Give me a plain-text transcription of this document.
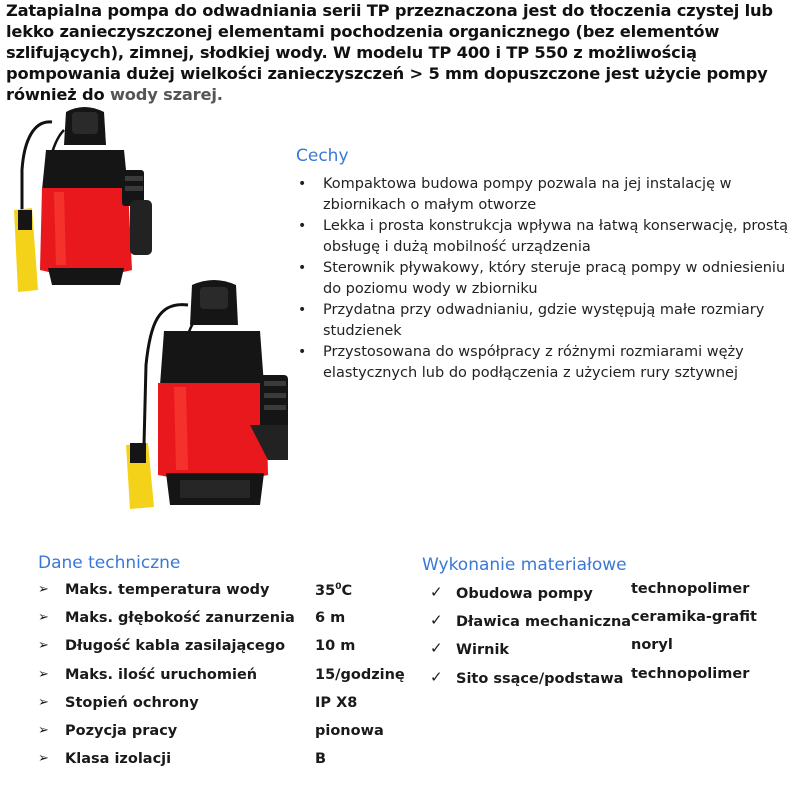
Zatapialna pompa do odwadniania serii TP przeznaczona jest do tłoczenia czystej lub lekko zanieczyszczonej elementami pochodzenia organicznego (bez elementów szlifujących), zimnej, słodkiej wody. W modelu TP 400 i TP 550 z możliwością pompowania dużej wielkości zanieczyszczeń > 5 mm dopuszczone jest użycie pompy również do wody szarej.
Cechy
• Kompaktowa budowa pompy pozwala na jej instalację w zbiornikach o małym otworze
• Lekka i prosta konstrukcja wpływa na łatwą konserwację, prostą obsługę i dużą mobilność urządzenia
• Sterownik pływakowy, który steruje pracą pompy w odniesieniu do poziomu wody w zbiorniku
• Przydatna przy odwadnianiu, gdzie występują małe rozmiary studzienek
• Przystosowana do współpracy z różnymi rozmiarami węży elastycznych lub do podłączenia z użyciem rury sztywnej
Dane techniczne
➢ Maks. temperatura wody	$35^0C$
➢ Maks. głębokość zanurzenia 6 m
➢ Długość kabla zasilającego 10 m
➢ Maks. ilość uruchomień	15/godzinę
➢ Stopień ochrony	IP X8
➢ Pozycja pracy	pionowa
➢ Klasa izolacji	B
Wykonanie materiałowe
✓ Obudowa pompy	technopolimer
✓ Dławica mechaniczna ceramika-grafit
✓ Wirnik	noryl
✓ Sito ssące/podstawa technopolimer
